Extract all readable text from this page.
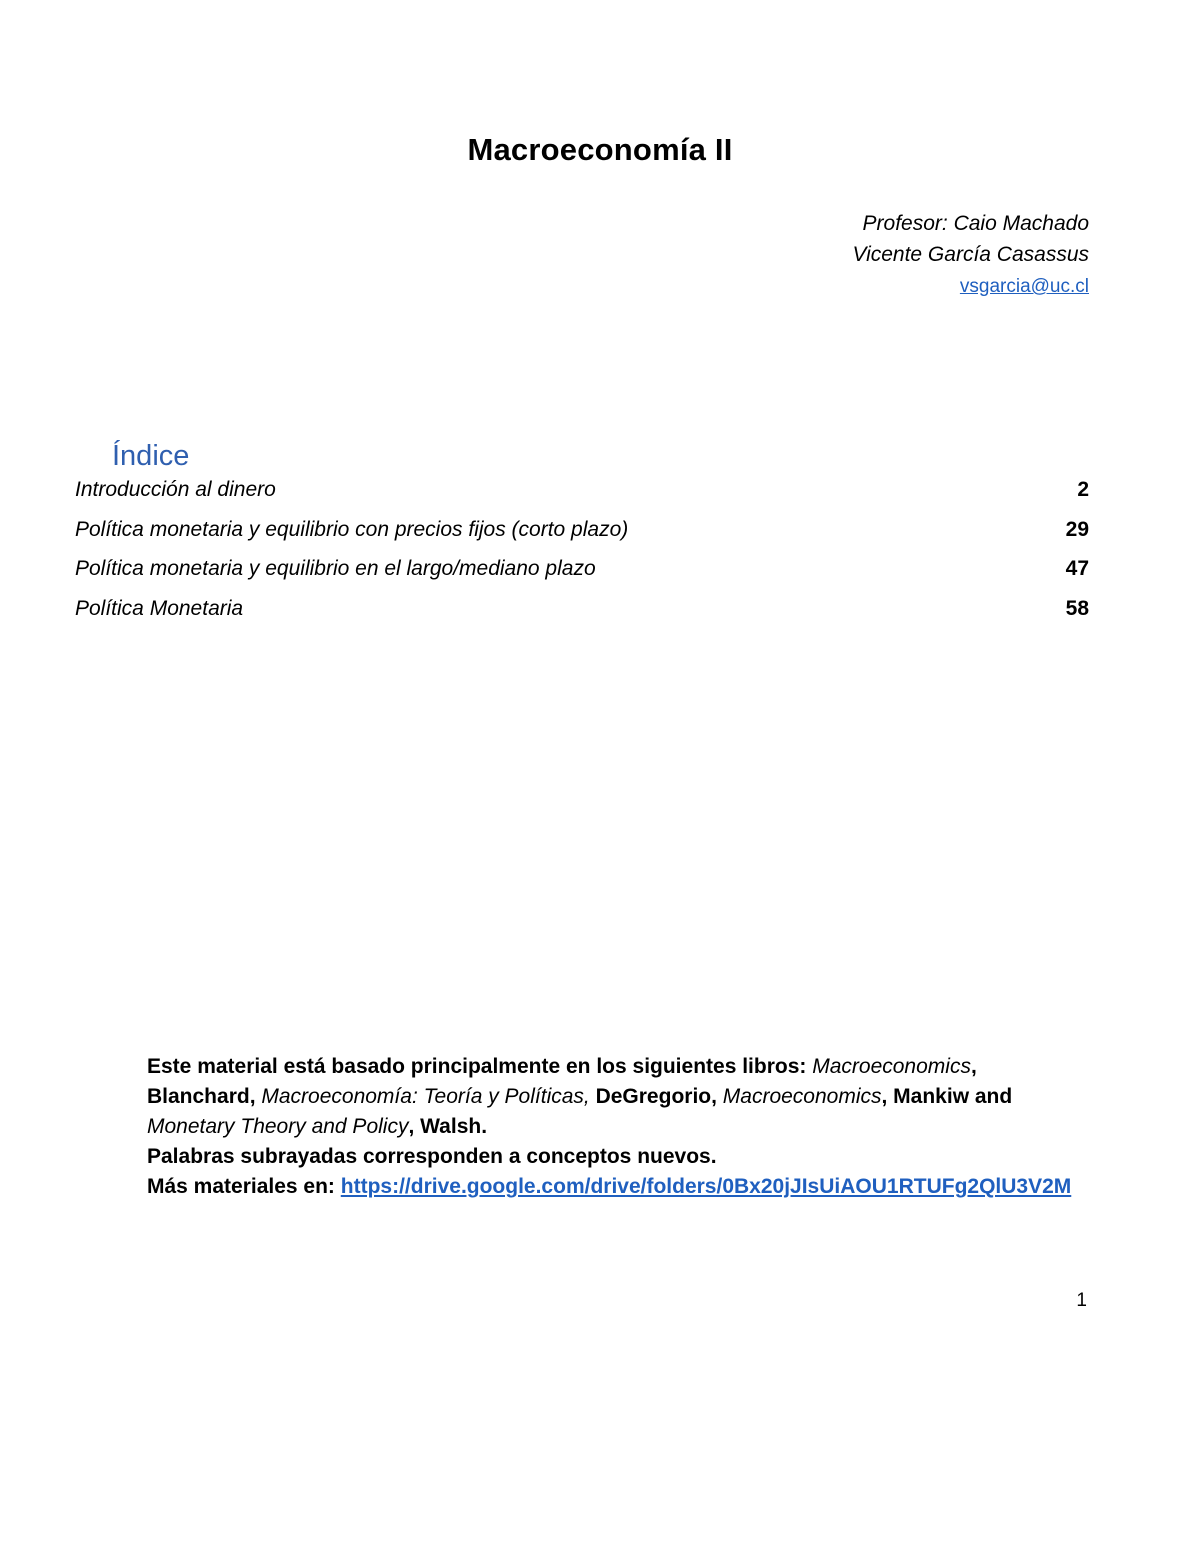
Macroeconomía II
Profesor: Caio Machado
Vicente García Casassus
vsgarcia@uc.cl
Índice
Introducción al dinero	2
Política monetaria y equilibrio con precios fijos (corto plazo)	29
Política monetaria y equilibrio en el largo/mediano plazo	47
Política Monetaria	58

Este material está basado principalmente en los siguientes libros: Macroeconomics, Blanchard, Macroeconomía: Teoría y Políticas, DeGregorio, Macroeconomics, Mankiw and Monetary Theory and Policy, Walsh.

Palabras subrayadas corresponden a conceptos nuevos.

Más materiales en: https://drive.google.com/drive/folders/0Bx20jJIsUiAOU1RTUFg2QlU3V2M

1
